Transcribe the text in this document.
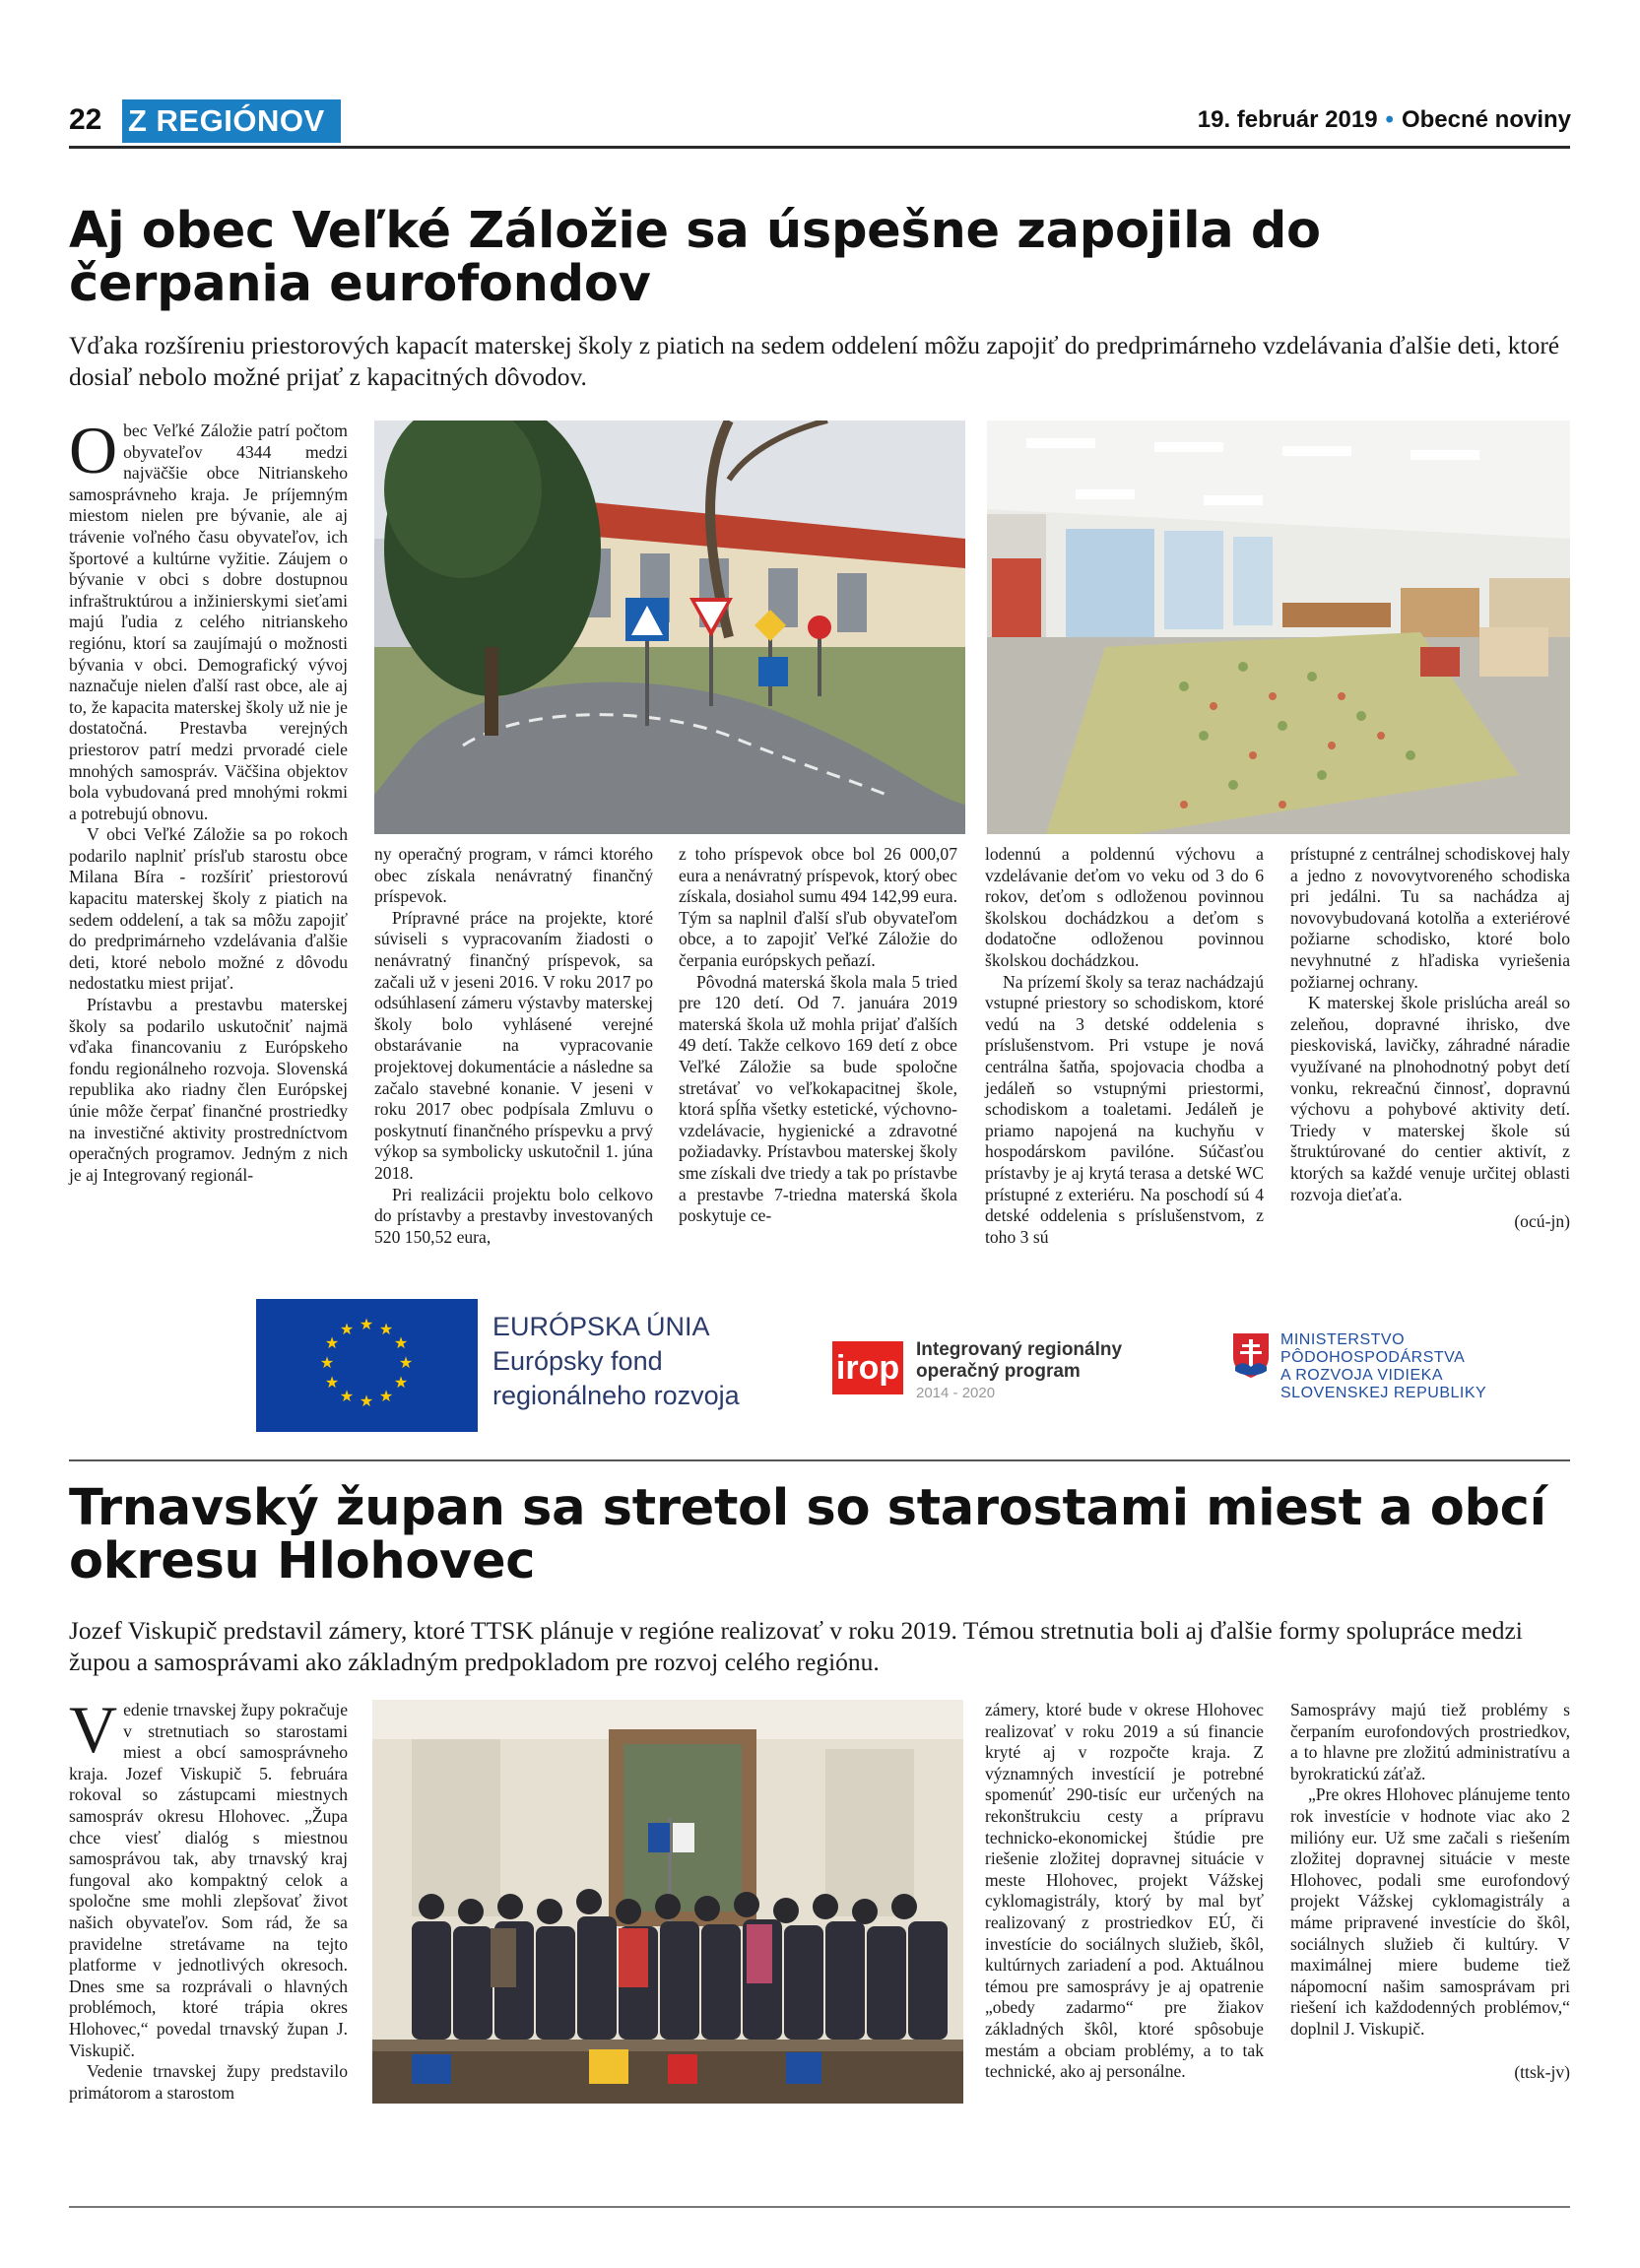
22 Z REGIÓNOV	19. február 2019 • Obecné noviny
Aj obec Veľké Záložie sa úspešne zapojila do čerpania eurofondov
Vďaka rozšíreniu priestorových kapacít materskej školy z piatich na sedem oddelení môžu zapojiť do predprimárneho vzdelávania ďalšie deti, ktoré dosiaľ nebolo možné prijať z kapacitných dôvodov.

Obec Veľké Záložie patrí počtom obyvateľov 4344 medzi najväčšie obce Nitrianskeho samosprávneho kraja. Je príjemným miestom nielen pre bývanie, ale aj trávenie voľného času obyvateľov, ich športové a kultúrne vyžitie. Záujem o bývanie v obci s dobre dostupnou infraštruktúrou a inžinierskymi sieťami majú ľudia z celého nitrianskeho regiónu, ktorí sa zaujímajú o možnosti bývania v obci. Demografický vývoj naznačuje nielen ďalší rast obce, ale aj to, že kapacita materskej školy už nie je dostatočná. Prestavba verejných priestorov patrí medzi prvoradé ciele mnohých samospráv. Väčšina objektov bola vybudovaná pred mnohými rokmi a potrebujú obnovu.

V obci Veľké Záložie sa po rokoch podarilo naplniť prísľub starostu obce Milana Bíra - rozšíriť priestorovú kapacitu materskej školy z piatich na sedem oddelení, a tak sa môžu zapojiť do predprimárneho vzdelávania ďalšie deti, ktoré nebolo možné z dôvodu nedostatku miest prijať.

Prístavbu a prestavbu materskej školy sa podarilo uskutočniť najmä vďaka financovaniu z Európskeho fondu regionálneho rozvoja. Slovenská republika ako riadny člen Európskej únie môže čerpať finančné prostriedky na investičné aktivity prostredníctvom operačných programov. Jedným z nich je aj Integrovaný regionál-

ny operačný program, v rámci ktorého obec získala nenávratný finančný príspevok.

Prípravné práce na projekte, ktoré súviseli s vypracovaním žiadosti o nenávratný finančný príspevok, sa začali už v jeseni 2016. V roku 2017 po odsúhlasení zámeru výstavby materskej školy bolo vyhlásené verejné obstarávanie na vypracovanie projektovej dokumentácie a následne sa začalo stavebné konanie. V jeseni v roku 2017 obec podpísala Zmluvu o poskytnutí finančného príspevku a prvý výkop sa symbolicky uskutočnil 1. júna 2018.

Pri realizácii projektu bolo celkovo do prístavby a prestavby investovaných 520 150,52 eura,

z toho príspevok obce bol 26 000,07 eura a nenávratný príspevok, ktorý obec získala, dosiahol sumu 494 142,99 eura. Tým sa naplnil ďalší sľub obyvateľom obce, a to zapojiť Veľké Záložie do čerpania európskych peňazí.

Pôvodná materská škola mala 5 tried pre 120 detí. Od 7. januára 2019 materská škola už mohla prijať ďalších 49 detí. Takže celkovo 169 detí z obce Veľké Záložie sa bude spoločne stretávať vo veľkokapacitnej škole, ktorá spĺňa všetky estetické, výchovno-vzdelávacie, hygienické a zdravotné požiadavky. Prístavbou materskej školy sme získali dve triedy a tak po prístavbe a prestavbe 7-triedna materská škola poskytuje ce-

lodennú a poldennú výchovu a vzdelávanie deťom vo veku od 3 do 6 rokov, deťom s odloženou povinnou školskou dochádzkou a deťom s dodatočne odloženou povinnou školskou dochádzkou.

Na prízemí školy sa teraz nachádzajú vstupné priestory so schodiskom, ktoré vedú na 3 detské oddelenia s príslušenstvom. Pri vstupe je nová centrálna šatňa, spojovacia chodba a jedáleň so vstupnými priestormi, schodiskom a toaletami. Jedáleň je priamo napojená na kuchyňu v hospodárskom pavilóne. Súčasťou prístavby je aj krytá terasa a detské WC prístupné z exteriéru. Na poschodí sú 4 detské oddelenia s príslušenstvom, z toho 3 sú

prístupné z centrálnej schodiskovej haly a jedno z novovytvoreného schodiska pri jedálni. Tu sa nachádza aj novovybudovaná kotolňa a exteriérové požiarne schodisko, ktoré bolo nevyhnutné z hľadiska vyriešenia požiarnej ochrany.

K materskej škole prislúcha areál so zeleňou, dopravné ihrisko, dve pieskoviská, lavičky, záhradné náradie využívané na plnohodnotný pobyt detí vonku, rekreačnú činnosť, dopravnú výchovu a pohybové aktivity detí. Triedy v materskej škole sú štruktúrované do centier aktivít, z ktorých sa každé venuje určitej oblasti rozvoja dieťaťa.

(ocú-jn)

★ ★
★
★
★
★
★
★
★
★
★
★	EURÓPSKA ÚNIA
Európsky fond
regionálneho rozvoja
irop Integrovaný regionálny
operačný program
2014 - 2020
MINISTERSTVO
PÔDOHOSPODÁRSTVA
A ROZVOJA VIDIEKA
SLOVENSKEJ REPUBLIKY
Trnavský župan sa stretol so starostami miest a obcí okresu Hlohovec
Jozef Viskupič predstavil zámery, ktoré TTSK plánuje v regióne realizovať v roku 2019. Témou stretnutia boli aj ďalšie formy spolupráce medzi župou a samosprávami ako základným predpokladom pre rozvoj celého regiónu.

Vedenie trnavskej župy pokračuje v stretnutiach so starostami miest a obcí samosprávneho kraja. Jozef Viskupič 5. februára rokoval so zástupcami miestnych samospráv okresu Hlohovec. „Župa chce viesť dialóg s miestnou samosprávou tak, aby trnavský kraj fungoval ako kompaktný celok a spoločne sme mohli zlepšovať život našich obyvateľov. Som rád, že sa pravidelne stretávame na tejto platforme v jednotlivých okresoch. Dnes sme sa rozprávali o hlavných problémoch, ktoré trápia okres Hlohovec,“ povedal trnavský župan J. Viskupič.

Vedenie trnavskej župy predstavilo primátorom a starostom

zámery, ktoré bude v okrese Hlohovec realizovať v roku 2019 a sú financie kryté aj v rozpočte kraja. Z významných investícií je potrebné spomenúť 290-tisíc eur určených na rekonštrukciu cesty a prípravu technicko-ekonomickej štúdie pre riešenie zložitej dopravnej situácie v meste Hlohovec, projekt Vážskej cyklomagistrály, ktorý by mal byť realizovaný z prostriedkov EÚ, či investície do sociálnych služieb, škôl, kultúrnych zariadení a pod. Aktuálnou témou pre samosprávy je aj opatrenie „obedy zadarmo“ pre žiakov základných škôl, ktoré spôsobuje mestám a obciam problémy, a to tak technické, ako aj personálne.

Samosprávy majú tiež problémy s čerpaním eurofondových prostriedkov, a to hlavne pre zložitú administratívu a byrokratickú záťaž.

„Pre okres Hlohovec plánujeme tento rok investície v hodnote viac ako 2 milióny eur. Už sme začali s riešením zložitej dopravnej situácie v meste Hlohovec, podali sme eurofondový projekt Vážskej cyklomagistrály a máme pripravené investície do škôl, sociálnych služieb či kultúry. V maximálnej miere budeme tiež nápomocní našim samosprávam pri riešení ich každodenných problémov,“ doplnil J. Viskupič.

(ttsk-jv)
